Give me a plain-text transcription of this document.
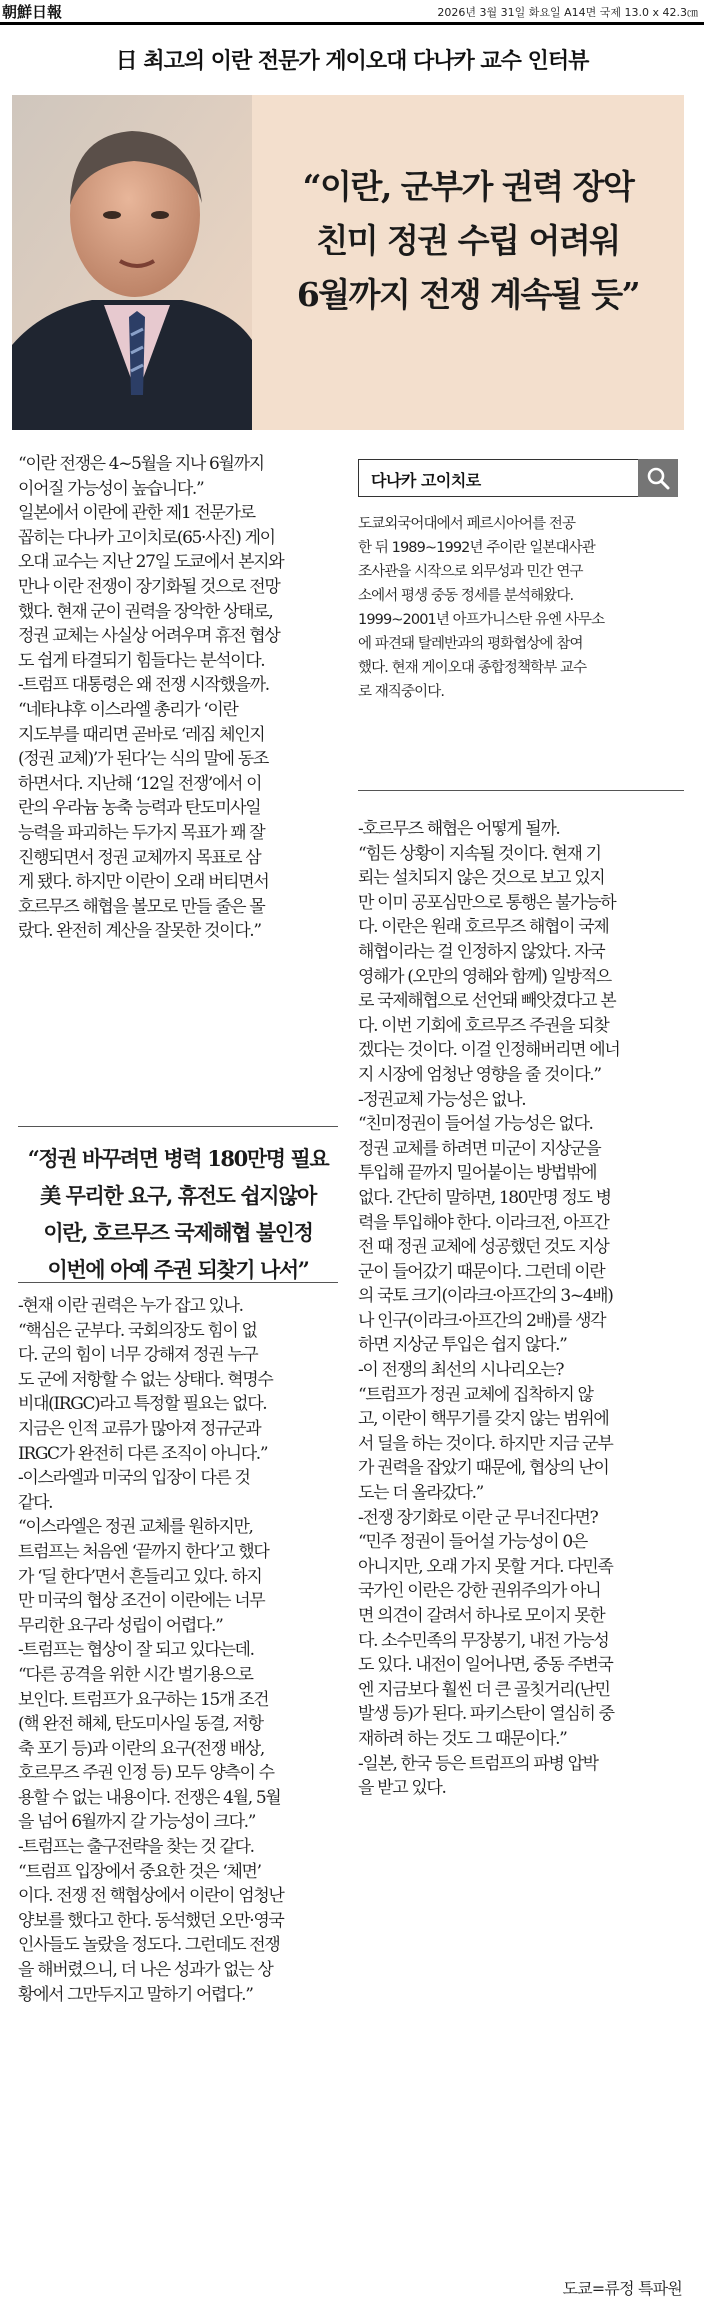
朝鮮日報	2026년 3월 31일 화요일 A14면 국제 13.0 x 42.3㎝
日 최고의 이란 전문가 게이오대 다나카 교수 인터뷰
“이란, 군부가 권력 장악
친미 정권 수립 어려워
6월까지 전쟁 계속될 듯”

“이란 전쟁은 4~5월을 지나 6월까지
이어질 가능성이 높습니다.”

일본에서 이란에 관한 제1 전문가로
꼽히는 다나카 고이치로(65·사진) 게이
오대 교수는 지난 27일 도쿄에서 본지와
만나 이란 전쟁이 장기화될 것으로 전망
했다. 현재 군이 권력을 장악한 상태로,
정권 교체는 사실상 어려우며 휴전 협상
도 쉽게 타결되기 힘들다는 분석이다.

-트럼프 대통령은 왜 전쟁 시작했을까.

“네타냐후 이스라엘 총리가 ‘이란
지도부를 때리면 곧바로 ‘레짐 체인지
(정권 교체)’가 된다’는 식의 말에 동조
하면서다. 지난해 ‘12일 전쟁’에서 이
란의 우라늄 농축 능력과 탄도미사일
능력을 파괴하는 두가지 목표가 꽤 잘
진행되면서 정권 교체까지 목표로 삼
게 됐다. 하지만 이란이 오래 버티면서
호르무즈 해협을 볼모로 만들 줄은 몰
랐다. 완전히 계산을 잘못한 것이다.”

다나카 고이치로
도쿄외국어대에서 페르시아어를 전공
한 뒤 1989~1992년 주이란 일본대사관
조사관을 시작으로 외무성과 민간 연구
소에서 평생 중동 정세를 분석해왔다.
1999~2001년 아프가니스탄 유엔 사무소
에 파견돼 탈레반과의 평화협상에 참여
했다. 현재 게이오대 종합정책학부 교수
로 재직중이다.
“정권 바꾸려면 병력 180만명 필요
美 무리한 요구, 휴전도 쉽지않아
이란, 호르무즈 국제해협 불인정
이번에 아예 주권 되찾기 나서”

-현재 이란 권력은 누가 잡고 있나.

“핵심은 군부다. 국회의장도 힘이 없
다. 군의 힘이 너무 강해져 정권 누구
도 군에 저항할 수 없는 상태다. 혁명수
비대(IRGC)라고 특정할 필요는 없다.
지금은 인적 교류가 많아져 정규군과
IRGC가 완전히 다른 조직이 아니다.”

-이스라엘과 미국의 입장이 다른 것
같다.

“이스라엘은 정권 교체를 원하지만,
트럼프는 처음엔 ‘끝까지 한다’고 했다
가 ‘딜 한다’면서 흔들리고 있다. 하지
만 미국의 협상 조건이 이란에는 너무
무리한 요구라 성립이 어렵다.”

-트럼프는 협상이 잘 되고 있다는데.

“다른 공격을 위한 시간 벌기용으로
보인다. 트럼프가 요구하는 15개 조건
(핵 완전 해체, 탄도미사일 동결, 저항
축 포기 등)과 이란의 요구(전쟁 배상,
호르무즈 주권 인정 등) 모두 양측이 수
용할 수 없는 내용이다. 전쟁은 4월, 5월
을 넘어 6월까지 갈 가능성이 크다.”

-트럼프는 출구전략을 찾는 것 같다.

“트럼프 입장에서 중요한 것은 ‘체면’
이다. 전쟁 전 핵협상에서 이란이 엄청난
양보를 했다고 한다. 동석했던 오만·영국
인사들도 놀랐을 정도다. 그런데도 전쟁
을 해버렸으니, 더 나은 성과가 없는 상
황에서 그만두지고 말하기 어렵다.”

-호르무즈 해협은 어떻게 될까.

“힘든 상황이 지속될 것이다. 현재 기
뢰는 설치되지 않은 것으로 보고 있지
만 이미 공포심만으로 통행은 불가능하
다. 이란은 원래 호르무즈 해협이 국제
해협이라는 걸 인정하지 않았다. 자국
영해가 (오만의 영해와 함께) 일방적으
로 국제해협으로 선언돼 빼앗겼다고 본
다. 이번 기회에 호르무즈 주권을 되찾
겠다는 것이다. 이걸 인정해버리면 에너
지 시장에 엄청난 영향을 줄 것이다.”

-정권교체 가능성은 없나.

“친미정권이 들어설 가능성은 없다.
정권 교체를 하려면 미군이 지상군을
투입해 끝까지 밀어붙이는 방법밖에
없다. 간단히 말하면, 180만명 정도 병
력을 투입해야 한다. 이라크전, 아프간
전 때 정권 교체에 성공했던 것도 지상
군이 들어갔기 때문이다. 그런데 이란
의 국토 크기(이라크·아프간의 3~4배)
나 인구(이라크·아프간의 2배)를 생각
하면 지상군 투입은 쉽지 않다.”

-이 전쟁의 최선의 시나리오는?

“트럼프가 정권 교체에 집착하지 않
고, 이란이 핵무기를 갖지 않는 범위에
서 딜을 하는 것이다. 하지만 지금 군부
가 권력을 잡았기 때문에, 협상의 난이
도는 더 올라갔다.”

-전쟁 장기화로 이란 군 무너진다면?

“민주 정권이 들어설 가능성이 0은
아니지만, 오래 가지 못할 거다. 다민족
국가인 이란은 강한 권위주의가 아니
면 의견이 갈려서 하나로 모이지 못한
다. 소수민족의 무장봉기, 내전 가능성
도 있다. 내전이 일어나면, 중동 주변국
엔 지금보다 훨씬 더 큰 골칫거리(난민
발생 등)가 된다. 파키스탄이 열심히 중
재하려 하는 것도 그 때문이다.”

-일본, 한국 등은 트럼프의 파병 압박
을 받고 있다.

도쿄=류정 특파원
